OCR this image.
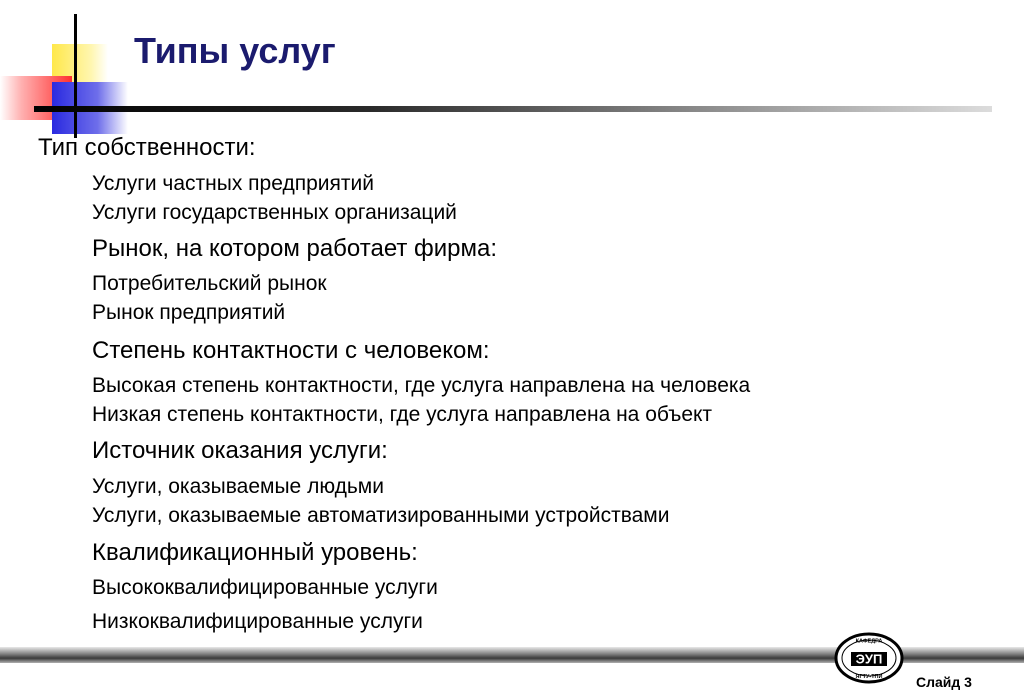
Типы услуг

Тип собственности:

Услуги частных предприятий

Услуги государственных организаций

Рынок, на котором работает фирма:

Потребительский рынок

Рынок предприятий

Степень контактности с человеком:

Высокая степень контактности, где услуга направлена на человека

Низкая степень контактности, где услуга направлена на объект

Источник оказания услуги:

Услуги, оказываемые людьми

Услуги, оказываемые автоматизированными устройствами

Квалификационный уровень:

Высококвалифицированные услуги

Низкоквалифицированные услуги

КАФЕДРА
ЭУП
ЯГТУ-ТПИ Слайд 3
